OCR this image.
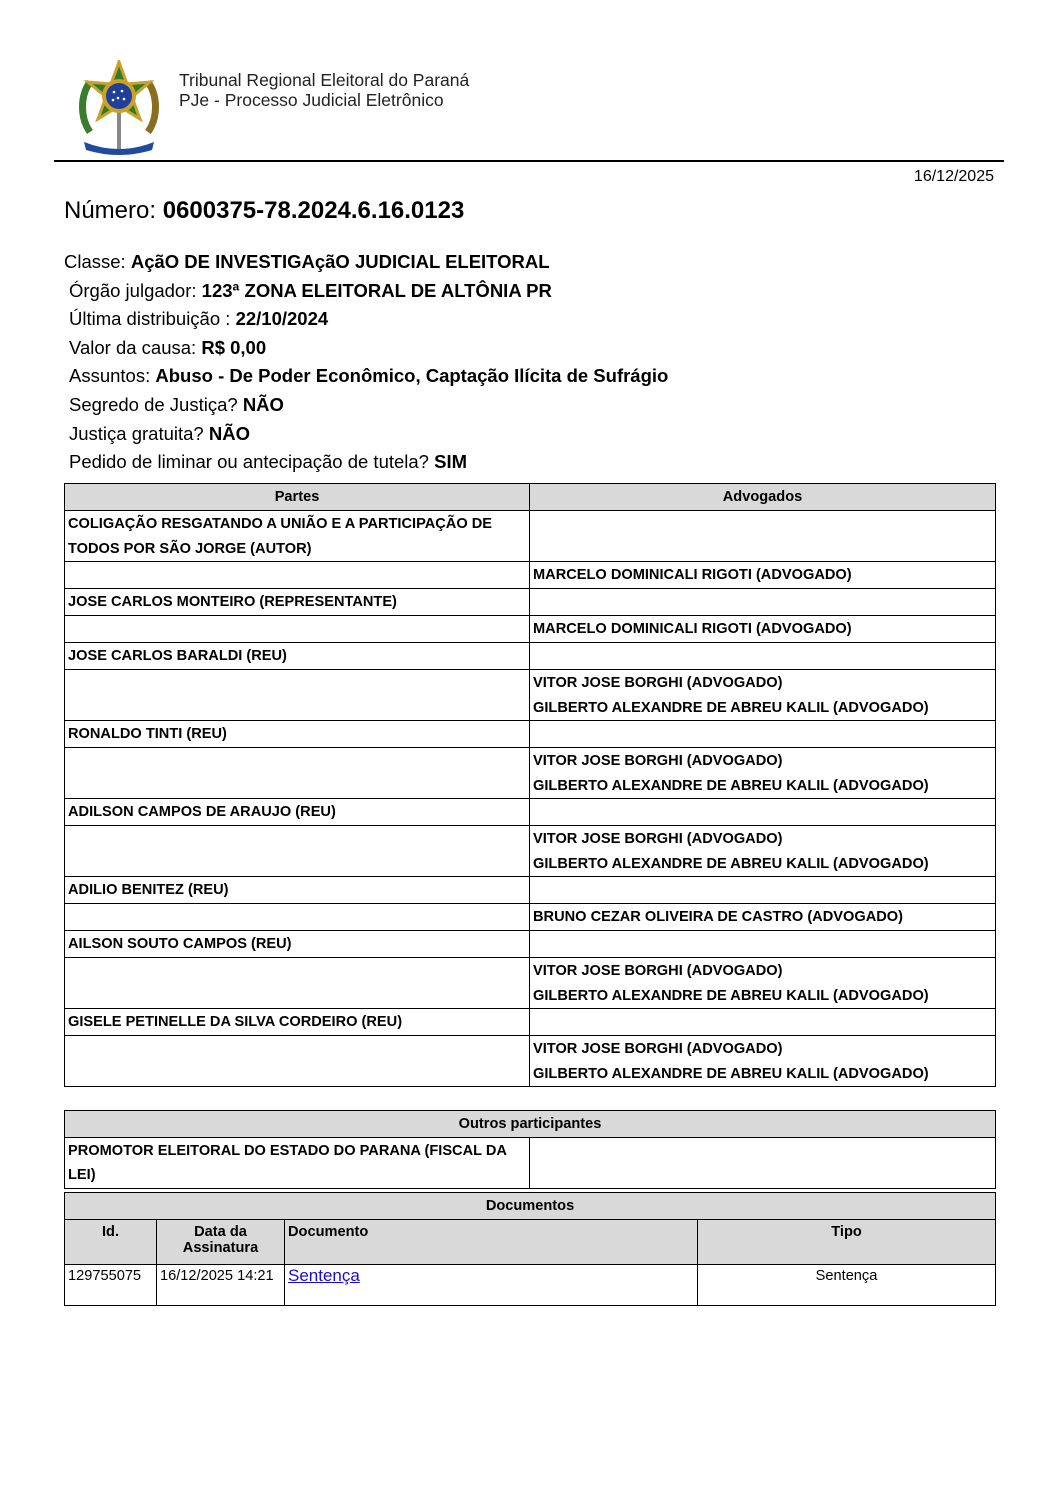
Tribunal Regional Eleitoral do Paraná
PJe - Processo Judicial Eletrônico
16/12/2025
Número: 0600375-78.2024.6.16.0123
Classe: AçãO DE INVESTIGAçãO JUDICIAL ELEITORAL
Órgão julgador: 123ª ZONA ELEITORAL DE ALTÔNIA PR
Última distribuição : 22/10/2024
Valor da causa: R$ 0,00
Assuntos: Abuso - De Poder Econômico, Captação Ilícita de Sufrágio
Segredo de Justiça? NÃO
Justiça gratuita? NÃO
Pedido de liminar ou antecipação de tutela? SIM
Partes	Advogados
COLIGAÇÃO RESGATANDO A UNIÃO E A PARTICIPAÇÃO DE TODOS POR SÃO JORGE (AUTOR)	

	MARCELO DOMINICALI RIGOTI (ADVOGADO)

JOSE CARLOS MONTEIRO (REPRESENTANTE)	

	MARCELO DOMINICALI RIGOTI (ADVOGADO)

JOSE CARLOS BARALDI (REU)	

	VITOR JOSE BORGHI (ADVOGADO)
GILBERTO ALEXANDRE DE ABREU KALIL (ADVOGADO)

RONALDO TINTI (REU)	

	VITOR JOSE BORGHI (ADVOGADO)
GILBERTO ALEXANDRE DE ABREU KALIL (ADVOGADO)

ADILSON CAMPOS DE ARAUJO (REU)	

	VITOR JOSE BORGHI (ADVOGADO)
GILBERTO ALEXANDRE DE ABREU KALIL (ADVOGADO)

ADILIO BENITEZ (REU)	

	BRUNO CEZAR OLIVEIRA DE CASTRO (ADVOGADO)

AILSON SOUTO CAMPOS (REU)	

	VITOR JOSE BORGHI (ADVOGADO)
GILBERTO ALEXANDRE DE ABREU KALIL (ADVOGADO)

GISELE PETINELLE DA SILVA CORDEIRO (REU)	

	VITOR JOSE BORGHI (ADVOGADO)
GILBERTO ALEXANDRE DE ABREU KALIL (ADVOGADO)
Outros participantes
PROMOTOR ELEITORAL DO ESTADO DO PARANA (FISCAL DA LEI)	
Documentos			
Id.	Data da Assinatura	Documento	Tipo
129755075	16/12/2025 14:21	Sentença	Sentença
